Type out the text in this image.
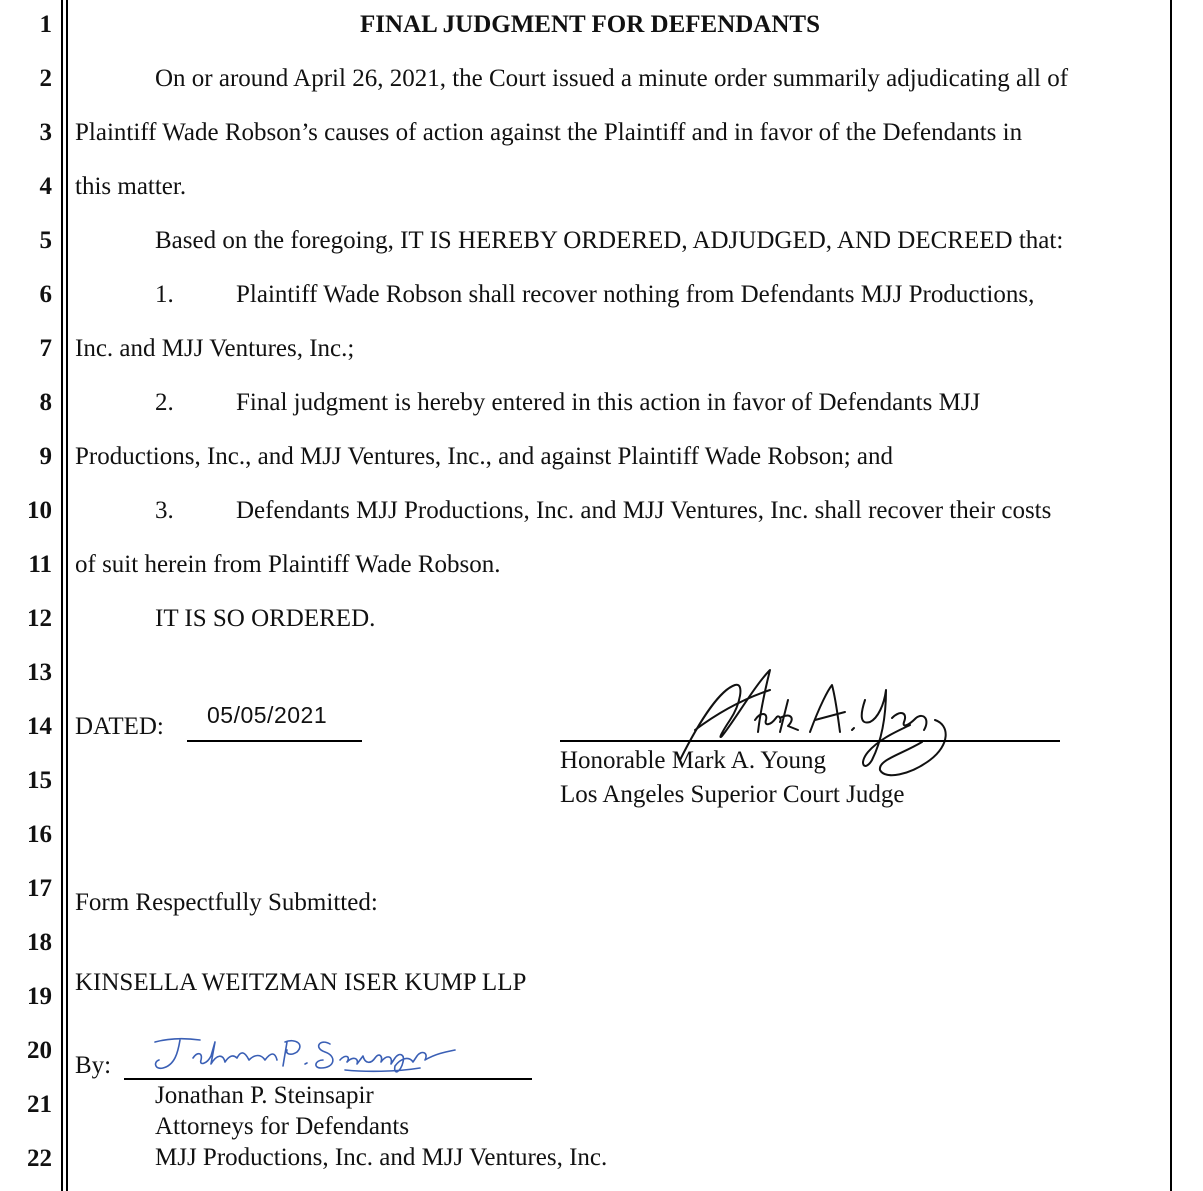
1
2
3
4
5
6
7
8
9
10
11
12
13
14
15
16
17
18
19
20
21
22
FINAL JUDGMENT FOR DEFENDANTS
On or around April 26, 2021, the Court issued a minute order summarily adjudicating all of
Plaintiff Wade Robson’s causes of action against the Plaintiff and in favor of the Defendants in
this matter.
Based on the foregoing, IT IS HEREBY ORDERED, ADJUDGED, AND DECREED that:
1. Plaintiff Wade Robson shall recover nothing from Defendants MJJ Productions,
Inc. and MJJ Ventures, Inc.;
2. Final judgment is hereby entered in this action in favor of Defendants MJJ
Productions, Inc., and MJJ Ventures, Inc., and against Plaintiff Wade Robson; and
3. Defendants MJJ Productions, Inc. and MJJ Ventures, Inc. shall recover their costs
of suit herein from Plaintiff Wade Robson.
IT IS SO ORDERED.
DATED: 05/05/2021
Honorable Mark A. Young
Los Angeles Superior Court Judge
Form Respectfully Submitted:
KINSELLA WEITZMAN ISER KUMP LLP
By:
Jonathan P. Steinsapir
Attorneys for Defendants
MJJ Productions, Inc. and MJJ Ventures, Inc.
